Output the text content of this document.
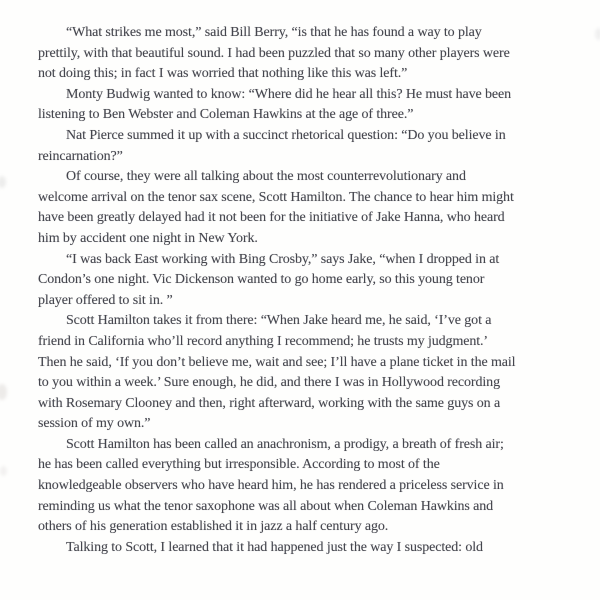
“What strikes me most,” said Bill Berry, “is that he has found a way to play
prettily, with that beautiful sound. I had been puzzled that so many other players were
not doing this; in fact I was worried that nothing like this was left.”
Monty Budwig wanted to know: “Where did he hear all this? He must have been
listening to Ben Webster and Coleman Hawkins at the age of three.”
Nat Pierce summed it up with a succinct rhetorical question: “Do you believe in
reincarnation?”
Of course, they were all talking about the most counterrevolutionary and
welcome arrival on the tenor sax scene, Scott Hamilton. The chance to hear him might
have been greatly delayed had it not been for the initiative of Jake Hanna, who heard
him by accident one night in New York.
“I was back East working with Bing Crosby,” says Jake, “when I dropped in at
Condon’s one night. Vic Dickenson wanted to go home early, so this young tenor
player offered to sit in. ”
Scott Hamilton takes it from there: “When Jake heard me, he said, ‘I’ve got a
friend in California who’ll record anything I recommend; he trusts my judgment.’
Then he said, ‘If you don’t believe me, wait and see; I’ll have a plane ticket in the mail
to you within a week.’ Sure enough, he did, and there I was in Hollywood recording
with Rosemary Clooney and then, right afterward, working with the same guys on a
session of my own.”
Scott Hamilton has been called an anachronism, a prodigy, a breath of fresh air;
he has been called everything but irresponsible. According to most of the
knowledgeable observers who have heard him, he has rendered a priceless service in
reminding us what the tenor saxophone was all about when Coleman Hawkins and
others of his generation established it in jazz a half century ago.
Talking to Scott, I learned that it had happened just the way I suspected: old
